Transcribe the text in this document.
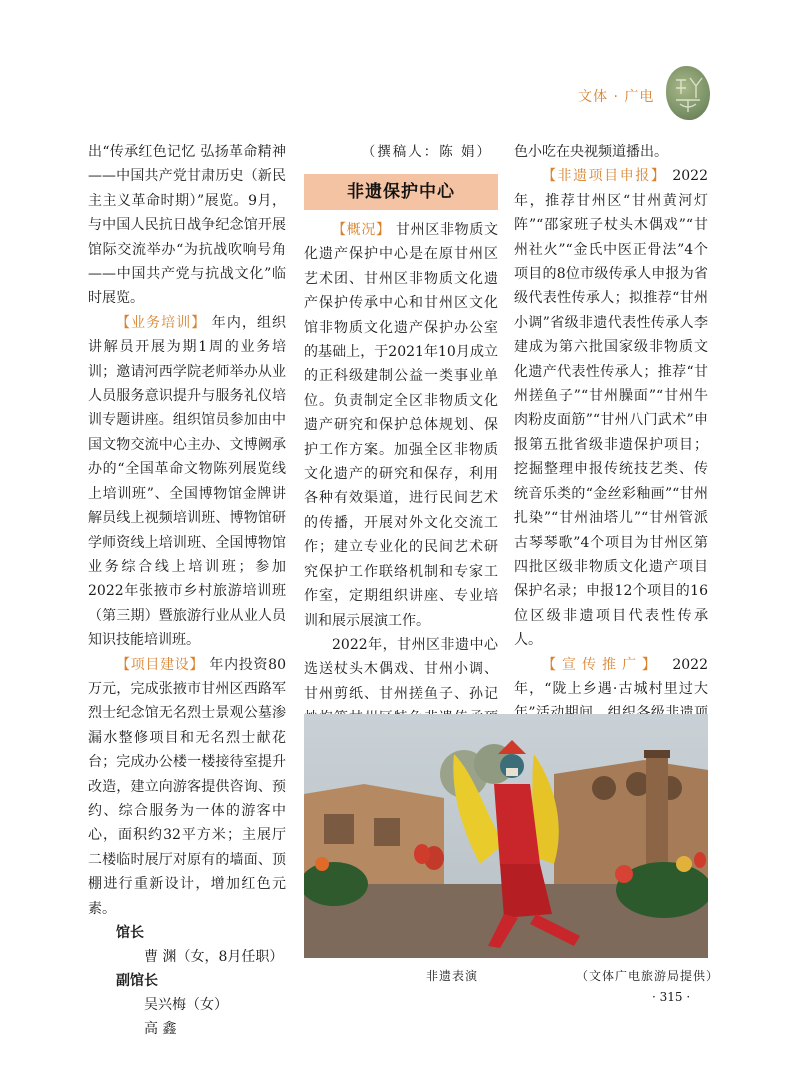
文体 · 广电

出“传承红色记忆 弘扬革命精神——中国共产党甘肃历史（新民主主义革命时期）”展览。9月，与中国人民抗日战争纪念馆开展馆际交流举办“为抗战吹响号角——中国共产党与抗战文化”临时展览。

【业务培训】 年内，组织讲解员开展为期1周的业务培训；邀请河西学院老师举办从业人员服务意识提升与服务礼仪培训专题讲座。组织馆员参加由中国文物交流中心主办、文博阙承办的“全国革命文物陈列展览线上培训班”、全国博物馆金牌讲解员线上视频培训班、博物馆研学师资线上培训班、全国博物馆业务综合线上培训班；参加2022年张掖市乡村旅游培训班（第三期）暨旅游行业从业人员知识技能培训班。

【项目建设】 年内投资80万元，完成张掖市甘州区西路军烈士纪念馆无名烈士景观公墓渗漏水整修项目和无名烈士献花台；完成办公楼一楼接待室提升改造，建立向游客提供咨询、预约、综合服务为一体的游客中心，面积约32平方米；主展厅二楼临时展厅对原有的墙面、顶棚进行重新设计，增加红色元素。

馆长

曹 渊（女，8月任职）

副馆长

吴兴梅（女）

高 鑫

（撰稿人：陈 娟）
非遗保护中心

【概况】 甘州区非物质文化遗产保护中心是在原甘州区艺术团、甘州区非物质文化遗产保护传承中心和甘州区文化馆非物质文化遗产保护办公室的基础上，于2021年10月成立的正科级建制公益一类事业单位。负责制定全区非物质文化遗产研究和保护总体规划、保护工作方案。加强全区非物质文化遗产的研究和保存，利用各种有效渠道，进行民间艺术的传播，开展对外文化交流工作；建立专业化的民间艺术研究保护工作联络机制和专家工作室，定期组织讲座、专业培训和展示展演工作。

2022年，甘州区非遗中心选送杖头木偶戏、甘州小调、甘州剪纸、甘州搓鱼子、孙记

色小吃在央视频道播出。

【非遗项目申报】 2022年，推荐甘州区“甘州黄河灯阵”“邵家班子杖头木偶戏”“甘州社火”“金氏中医正骨法”4个项目的8位市级传承人申报为省级代表性传承人；拟推荐“甘州小调”省级非遗代表性传承人李建成为第六批国家级非物质文化遗产代表性传承人；推荐“甘州搓鱼子”“甘州臊面”“甘州牛肉粉皮面筋”“甘州八门武术”申报第五批省级非遗保护项目；挖掘整理申报传统技艺类、传统音乐类的“金丝彩釉画”“甘州扎染”“甘州油塔儿”“甘州管派古琴琴歌”4个项目为甘州区第四批区级非物质文化遗产项目保护名录；申报12个项目的16位区级非遗项目代表性传承人。

【宣传推广】 2022年，“陇上乡遇·古城村里过大

非遗表演	（文体广电旅游局提供）
· 315 ·
